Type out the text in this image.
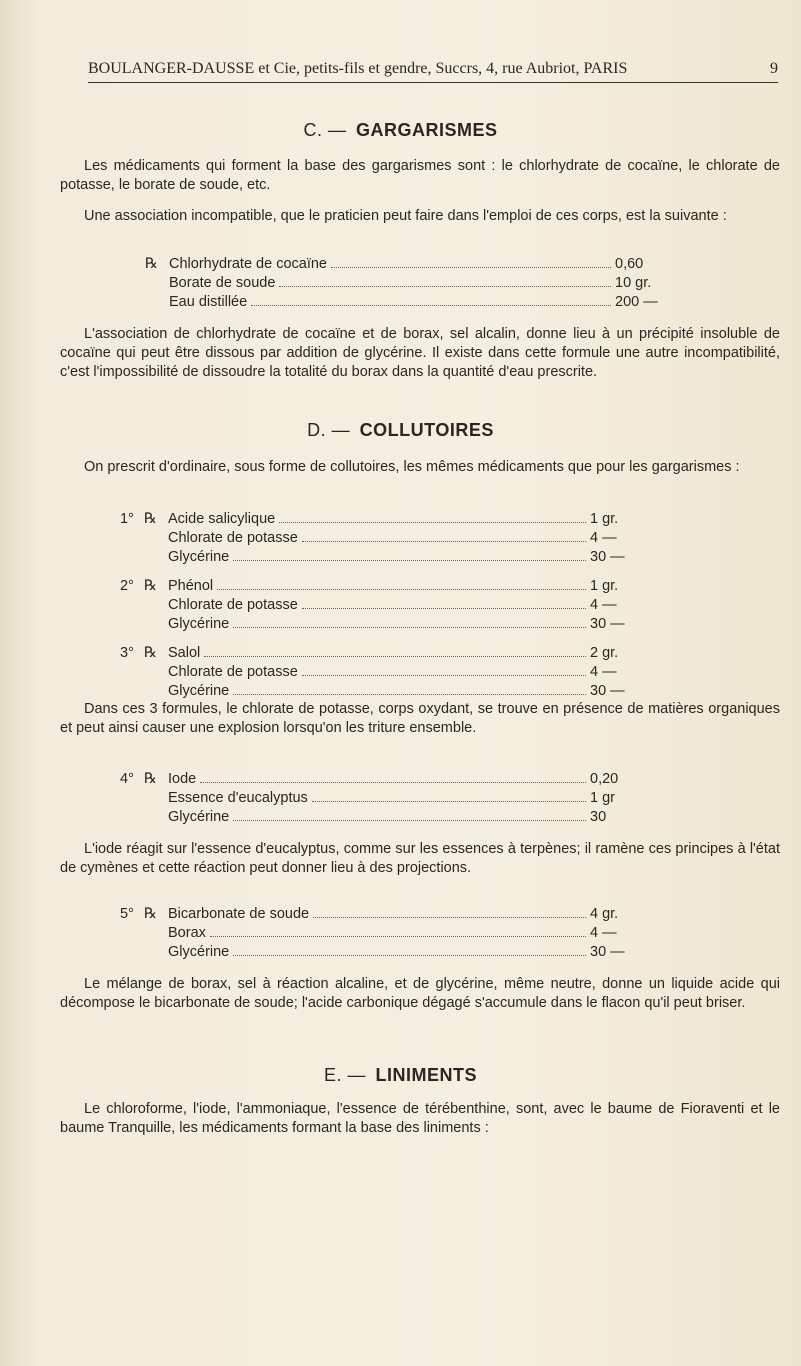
BOULANGER-DAUSSE et Cie, petits-fils et gendre, Succrs, 4, rue Aubriot, PARIS	9
C. — GARGARISMES

Les médicaments qui forment la base des gargarismes sont : le chlorhydrate de cocaïne, le chlorate de potasse, le borate de soude, etc.

Une association incompatible, que le praticien peut faire dans l'emploi de ces corps, est la suivante :

℞ Chlorhydrate de cocaïne	0,60
Borate de soude	10 gr.
Eau distillée	200 —

L'association de chlorhydrate de cocaïne et de borax, sel alcalin, donne lieu à un précipité insoluble de cocaïne qui peut être dissous par addition de glycérine. Il existe dans cette formule une autre incompatibilité, c'est l'impossibilité de dissoudre la totalité du borax dans la quantité d'eau prescrite.

D. — COLLUTOIRES

On prescrit d'ordinaire, sous forme de collutoires, les mêmes médicaments que pour les gargarismes :

1° ℞ Acide salicylique	1 gr.
Chlorate de potasse	4 —
Glycérine	30 —
2° ℞ Phénol	1 gr.
Chlorate de potasse	4 —
Glycérine	30 —
3° ℞ Salol	2 gr.
Chlorate de potasse	4 —
Glycérine	30 —

Dans ces 3 formules, le chlorate de potasse, corps oxydant, se trouve en présence de matières organiques et peut ainsi causer une explosion lorsqu'on les triture ensemble.

4° ℞ Iode	0,20
Essence d'eucalyptus	1 gr
Glycérine	30

L'iode réagit sur l'essence d'eucalyptus, comme sur les essences à terpènes; il ramène ces principes à l'état de cymènes et cette réaction peut donner lieu à des projections.

5° ℞ Bicarbonate de soude	4 gr.
Borax	4 —
Glycérine	30 —

Le mélange de borax, sel à réaction alcaline, et de glycérine, même neutre, donne un liquide acide qui décompose le bicarbonate de soude; l'acide carbonique dégagé s'accumule dans le flacon qu'il peut briser.

E. — LINIMENTS

Le chloroforme, l'iode, l'ammoniaque, l'essence de térébenthine, sont, avec le baume de Fioraventi et le baume Tranquille, les médicaments formant la base des liniments :
